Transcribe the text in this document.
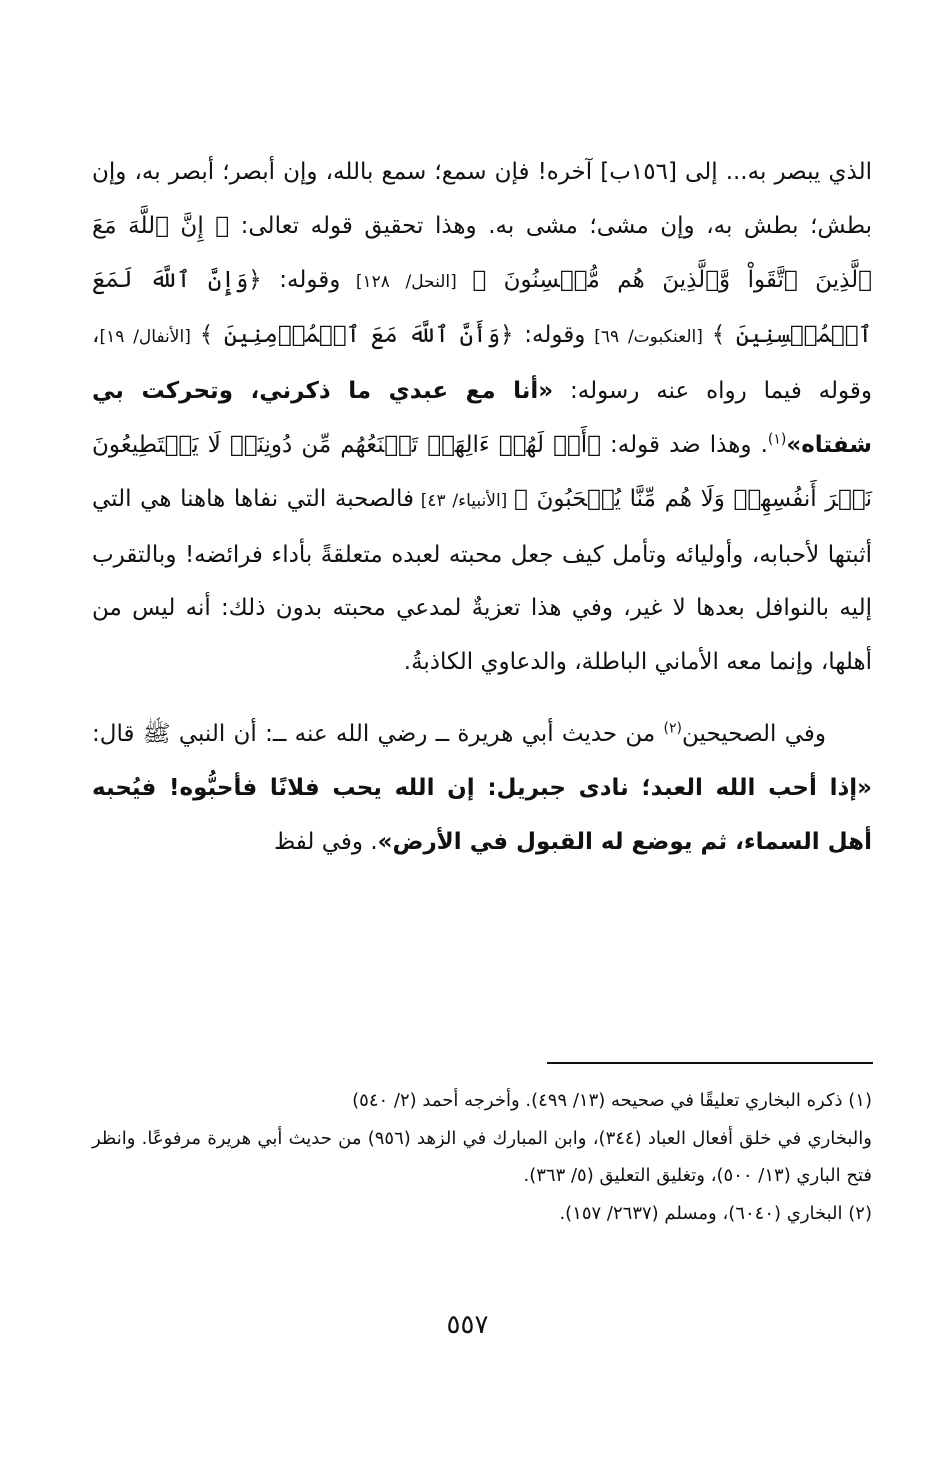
الذي يبصر به... إلى [١٥٦ب] آخره! فإن سمع؛ سمع بالله، وإن أبصر؛ أبصر به، وإن بطش؛ بطش به، وإن مشى؛ مشى به. وهذا تحقيق قوله تعالى: ﴿ إِنَّ ٱللَّهَ مَعَ ٱلَّذِينَ ٱتَّقَواْ وَّٱلَّذِينَ هُم مُّحۡسِنُونَ ﴾ [النحل/ ١٢٨] وقوله: ﴿وَإِنَّ ٱللَّهَ لَمَعَ ٱلۡمُحۡسِنِينَ ﴾ [العنكبوت/ ٦٩] وقوله: ﴿وَأَنَّ ٱللَّهَ مَعَ ٱلۡمُؤۡمِنِينَ ﴾ [الأنفال/ ١٩]، وقوله فيما رواه عنه رسوله: «أنا مع عبدي ما ذكرني، وتحركت بي شفتاه»$^{(١)}$. وهذا ضد قوله: ﴿أَمۡ لَهُمۡ ءَالِهَةٞ تَمۡنَعُهُم مِّن دُونِنَاۚ لَا يَسۡتَطِيعُونَ نَصۡرَ أَنفُسِهِمۡ وَلَا هُم مِّنَّا يُصۡحَبُونَ ﴾ [الأنبياء/ ٤٣] فالصحبة التي نفاها هاهنا هي التي أثبتها لأحبابه، وأوليائه وتأمل كيف جعل محبته لعبده متعلقةً بأداء فرائضه! وبالتقرب إليه بالنوافل بعدها لا غير، وفي هذا تعزيةٌ لمدعي محبته بدون ذلك: أنه ليس من أهلها، وإنما معه الأماني الباطلة، والدعاوي الكاذبةُ.

وفي الصحيحين$^{(٢)}$ من حديث أبي هريرة ــ رضي الله عنه ــ: أن النبي ﷺ قال: «إذا أحب الله العبد؛ نادى جبريل: إن الله يحب فلانًا فأحبُّوه! فيُحبه أهل السماء، ثم يوضع له القبول في الأرض». وفي لفظ

(١) ذكره البخاري تعليقًا في صحيحه (١٣/ ٤٩٩). وأخرجه أحمد (٢/ ٥٤٠)

والبخاري في خلق أفعال العباد (٣٤٤)، وابن المبارك في الزهد (٩٥٦) من حديث أبي هريرة مرفوعًا. وانظر فتح الباري (١٣/ ٥٠٠)، وتغليق التعليق (٥/ ٣٦٣).

(٢) البخاري (٦٠٤٠)، ومسلم (٢٦٣٧/ ١٥٧).

٥٥٧
